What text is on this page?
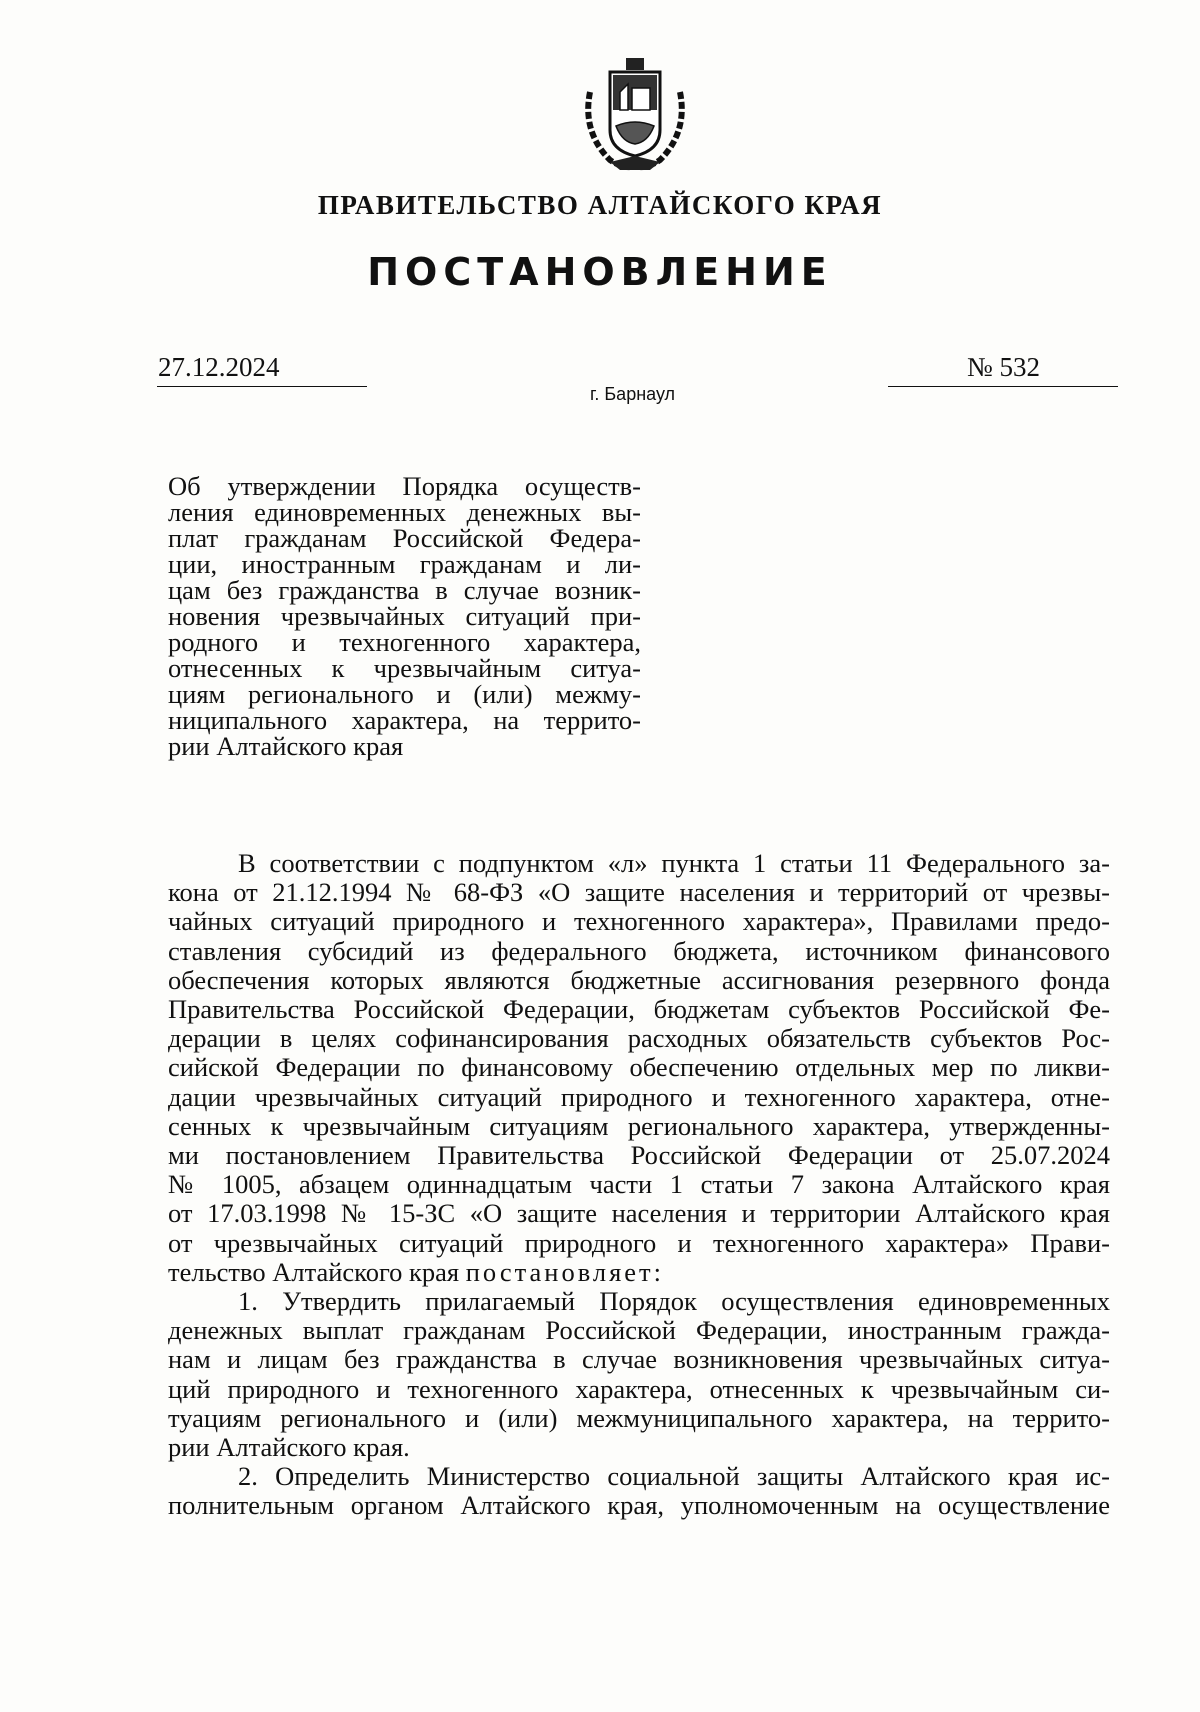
ПРАВИТЕЛЬСТВО АЛТАЙСКОГО КРАЯ
ПОСТАНОВЛЕНИЕ
27.12.2024	№ 532
г. Барнаул
Об утверждении Порядка осуществ-
ления единовременных денежных вы-
плат гражданам Российской Федера-
ции, иностранным гражданам и ли-
цам без гражданства в случае возник-
новения чрезвычайных ситуаций при-
родного и техногенного характера,
отнесенных к чрезвычайным ситуа-
циям регионального и (или) межму-
ниципального характера, на террито-
рии Алтайского края
В соответствии с подпунктом «л» пункта 1 статьи 11 Федерального за-
кона от 21.12.1994 № 68-ФЗ «О защите населения и территорий от чрезвы-
чайных ситуаций природного и техногенного характера», Правилами предо-
ставления субсидий из федерального бюджета, источником финансового
обеспечения которых являются бюджетные ассигнования резервного фонда
Правительства Российской Федерации, бюджетам субъектов Российской Фе-
дерации в целях софинансирования расходных обязательств субъектов Рос-
сийской Федерации по финансовому обеспечению отдельных мер по ликви-
дации чрезвычайных ситуаций природного и техногенного характера, отне-
сенных к чрезвычайным ситуациям регионального характера, утвержденны-
ми постановлением Правительства Российской Федерации от 25.07.2024
№ 1005, абзацем одиннадцатым части 1 статьи 7 закона Алтайского края
от 17.03.1998 № 15-ЗС «О защите населения и территории Алтайского края
от чрезвычайных ситуаций природного и техногенного характера» Прави-
тельство Алтайского края постановляет:
1. Утвердить прилагаемый Порядок осуществления единовременных
денежных выплат гражданам Российской Федерации, иностранным гражда-
нам и лицам без гражданства в случае возникновения чрезвычайных ситуа-
ций природного и техногенного характера, отнесенных к чрезвычайным си-
туациям регионального и (или) межмуниципального характера, на террито-
рии Алтайского края.
2. Определить Министерство социальной защиты Алтайского края ис-
полнительным органом Алтайского края, уполномоченным на осуществление
